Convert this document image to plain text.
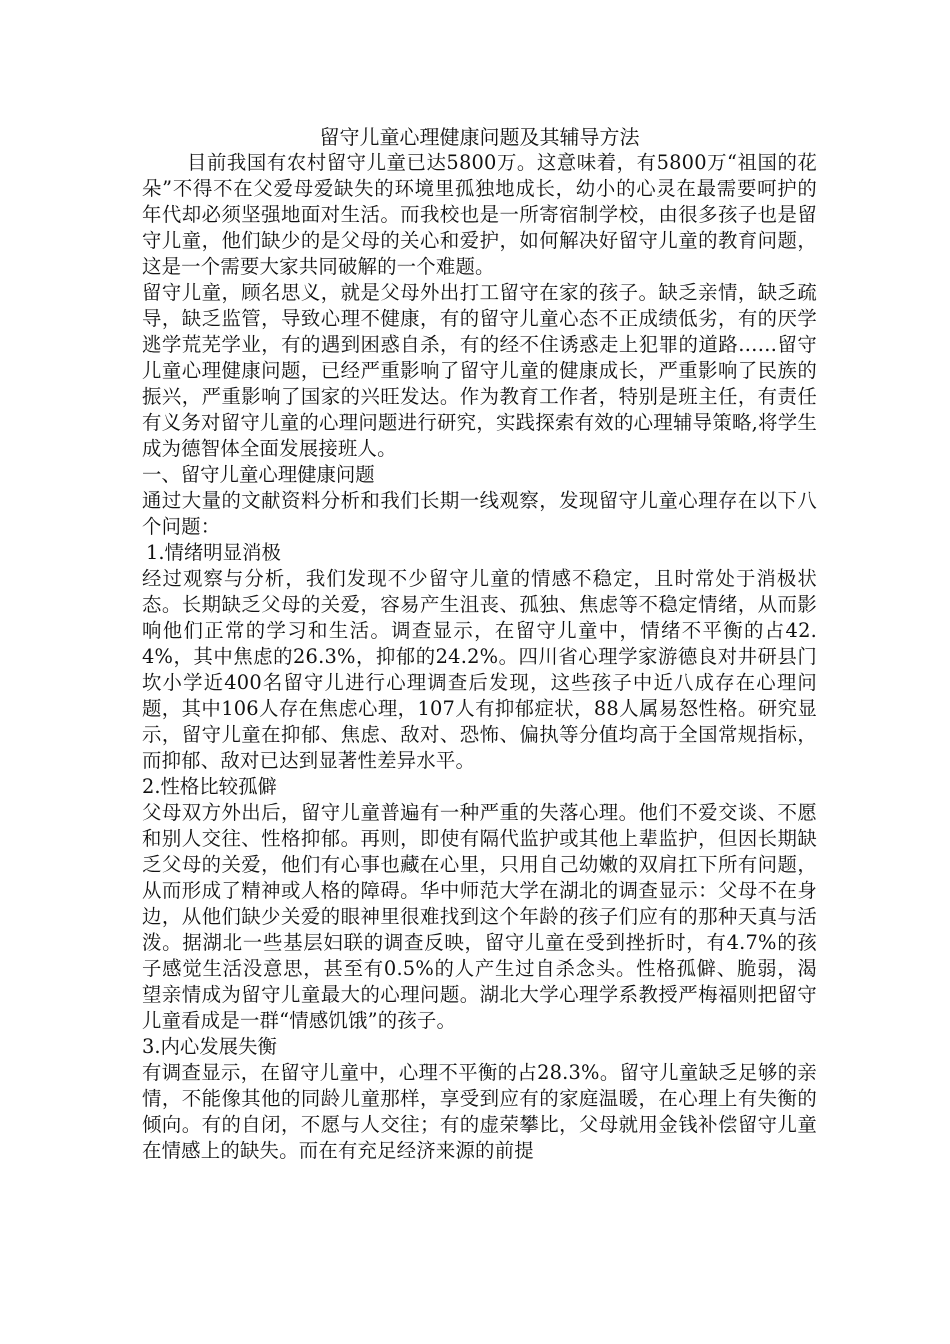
留守儿童心理健康问题及其辅导方法

目前我国有农村留守儿童已达5800万。这意味着，有5800万“祖国的花朵”不得不在父爱母爱缺失的环境里孤独地成长，幼小的心灵在最需要呵护的年代却必须坚强地面对生活。而我校也是一所寄宿制学校，由很多孩子也是留守儿童，他们缺少的是父母的关心和爱护，如何解决好留守儿童的教育问题，这是一个需要大家共同破解的一个难题。

留守儿童，顾名思义，就是父母外出打工留守在家的孩子。缺乏亲情，缺乏疏导，缺乏监管，导致心理不健康，有的留守儿童心态不正成绩低劣，有的厌学逃学荒芜学业，有的遇到困惑自杀，有的经不住诱惑走上犯罪的道路……留守儿童心理健康问题，已经严重影响了留守儿童的健康成长，严重影响了民族的振兴，严重影响了国家的兴旺发达。作为教育工作者，特别是班主任，有责任有义务对留守儿童的心理问题进行研究，实践探索有效的心理辅导策略,将学生成为德智体全面发展接班人。

一、留守儿童心理健康问题

通过大量的文献资料分析和我们长期一线观察，发现留守儿童心理存在以下八个问题：

1.情绪明显消极

经过观察与分析，我们发现不少留守儿童的情感不稳定，且时常处于消极状态。长期缺乏父母的关爱，容易产生沮丧、孤独、焦虑等不稳定情绪，从而影响他们正常的学习和生活。调查显示，在留守儿童中，情绪不平衡的占42.4%，其中焦虑的26.3%，抑郁的24.2%。四川省心理学家游德良对井研县门坎小学近400名留守儿进行心理调查后发现，这些孩子中近八成存在心理问题，其中106人存在焦虑心理，107人有抑郁症状，88人属易怒性格。研究显示，留守儿童在抑郁、焦虑、敌对、恐怖、偏执等分值均高于全国常规指标，而抑郁、敌对已达到显著性差异水平。

2.性格比较孤僻

父母双方外出后，留守儿童普遍有一种严重的失落心理。他们不爱交谈、不愿和别人交往、性格抑郁。再则，即使有隔代监护或其他上辈监护，但因长期缺乏父母的关爱，他们有心事也藏在心里，只用自己幼嫩的双肩扛下所有问题，从而形成了精神或人格的障碍。华中师范大学在湖北的调查显示：父母不在身边，从他们缺少关爱的眼神里很难找到这个年龄的孩子们应有的那种天真与活泼。据湖北一些基层妇联的调查反映，留守儿童在受到挫折时，有4.7%的孩子感觉生活没意思，甚至有0.5%的人产生过自杀念头。性格孤僻、脆弱，渴望亲情成为留守儿童最大的心理问题。湖北大学心理学系教授严梅福则把留守儿童看成是一群“情感饥饿”的孩子。

3.内心发展失衡

有调查显示，在留守儿童中，心理不平衡的占28.3%。留守儿童缺乏足够的亲情，不能像其他的同龄儿童那样，享受到应有的家庭温暖，在心理上有失衡的倾向。有的自闭，不愿与人交往；有的虚荣攀比，父母就用金钱补偿留守儿童在情感上的缺失。而在有充足经济来源的前提
